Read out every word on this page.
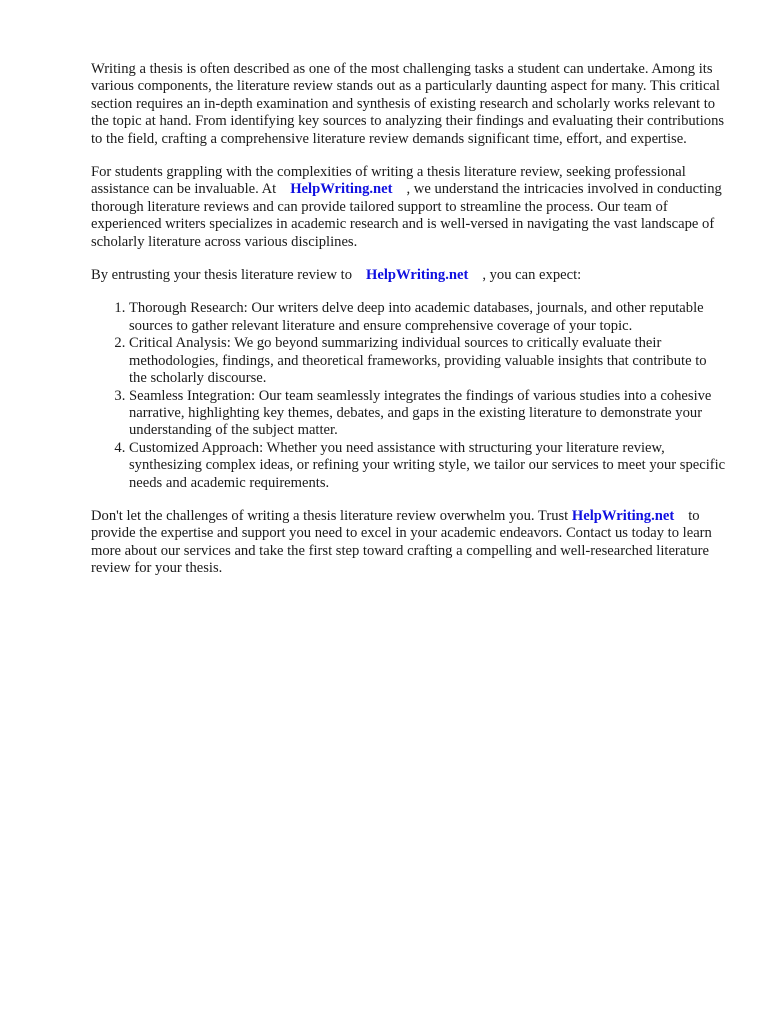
Writing a thesis is often described as one of the most challenging tasks a student can undertake. Among its various components, the literature review stands out as a particularly daunting aspect for many. This critical section requires an in-depth examination and synthesis of existing research and scholarly works relevant to the topic at hand. From identifying key sources to analyzing their findings and evaluating their contributions to the field, crafting a comprehensive literature review demands significant time, effort, and expertise.

For students grappling with the complexities of writing a thesis literature review, seeking professional assistance can be invaluable. At HelpWriting.net , we understand the intricacies involved in conducting thorough literature reviews and can provide tailored support to streamline the process. Our team of experienced writers specializes in academic research and is well-versed in navigating the vast landscape of scholarly literature across various disciplines.

By entrusting your thesis literature review to HelpWriting.net , you can expect:

1. Thorough Research: Our writers delve deep into academic databases, journals, and other reputable sources to gather relevant literature and ensure comprehensive coverage of your topic.
2. Critical Analysis: We go beyond summarizing individual sources to critically evaluate their methodologies, findings, and theoretical frameworks, providing valuable insights that contribute to the scholarly discourse.
3. Seamless Integration: Our team seamlessly integrates the findings of various studies into a cohesive narrative, highlighting key themes, debates, and gaps in the existing literature to demonstrate your understanding of the subject matter.
4. Customized Approach: Whether you need assistance with structuring your literature review, synthesizing complex ideas, or refining your writing style, we tailor our services to meet your specific needs and academic requirements.

Don't let the challenges of writing a thesis literature review overwhelm you. Trust HelpWriting.net to provide the expertise and support you need to excel in your academic endeavors. Contact us today to learn more about our services and take the first step toward crafting a compelling and well-researched literature review for your thesis.
